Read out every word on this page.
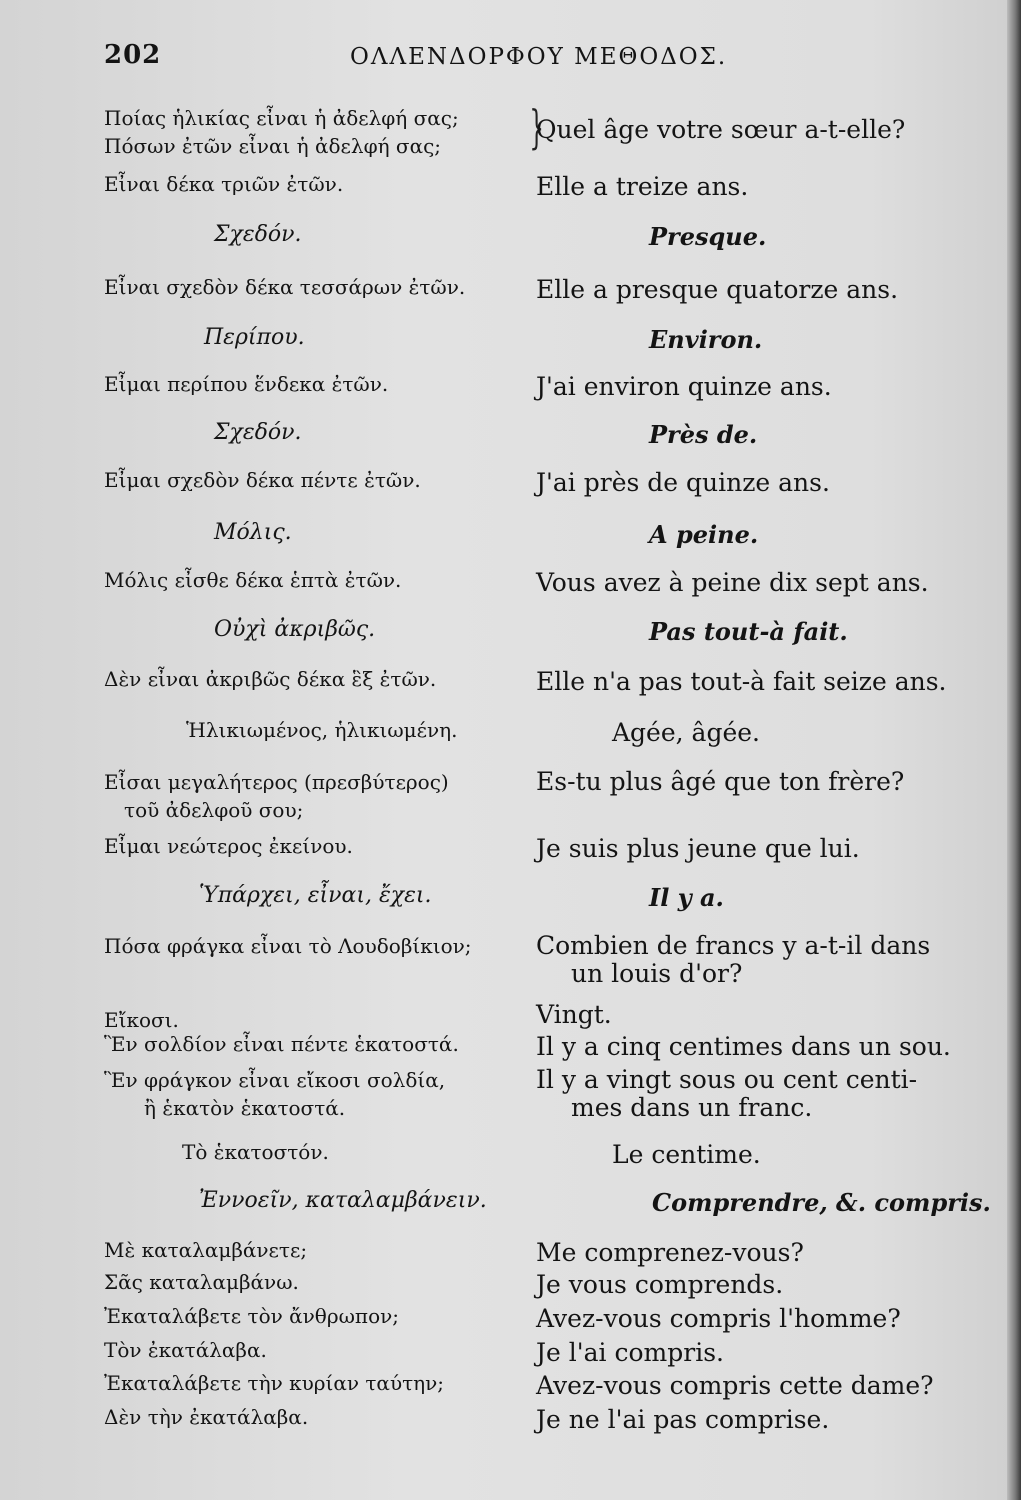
202	ΟΛΛΕΝΔΟΡΦΟΥ ΜΕΘΟΔΟΣ.
Ποίας ἡλικίας εἶναι ἡ ἀδελφή σας;
Πόσων ἐτῶν εἶναι ἡ ἀδελφή σας;	}
Quel âge votre sœur a-t-elle?
Εἶναι δέκα τριῶν ἐτῶν.	Elle a treize ans.
Σχεδόν.	Presque.
Εἶναι σχεδὸν δέκα τεσσάρων ἐτῶν.	Elle a presque quatorze ans.
Περίπου.	Environ.
Εἶμαι περίπου ἕνδεκα ἐτῶν.	J'ai environ quinze ans.
Σχεδόν.	Près de.
Εἶμαι σχεδὸν δέκα πέντε ἐτῶν.	J'ai près de quinze ans.
Μόλις.	A peine.
Μόλις εἶσθε δέκα ἑπτὰ ἐτῶν.	Vous avez à peine dix sept ans.
Οὐχὶ ἀκριβῶς.	Pas tout-à fait.
Δὲν εἶναι ἀκριβῶς δέκα ἓξ ἐτῶν.	Elle n'a pas tout-à fait seize ans.
Ἡλικιωμένος, ἡλικιωμένη.	Agée, âgée.
Εἶσαι μεγαλήτερος (πρεσβύτερος)
τοῦ ἀδελφοῦ σου;
Es-tu plus âgé que ton frère?
Εἶμαι νεώτερος ἐκείνου.	Je suis plus jeune que lui.
Ὑπάρχει, εἶναι, ἔχει.	Il y a.
Πόσα φράγκα εἶναι τὸ Λουδοβίκιον;	Combien de francs y a-t-il dans
un louis d'or?
Εἴκοσι.	Vingt.
Ἓν σολδίον εἶναι πέντε ἑκατοστά.	Il y a cinq centimes dans un sou.
Ἓν φράγκον εἶναι εἴκοσι σολδία,
ἢ ἑκατὸν ἑκατοστά.
Il y a vingt sous ou cent centi-
mes dans un franc.
Τὸ ἑκατοστόν.	Le centime.
Ἐννοεῖν, καταλαμβάνειν.	Comprendre, &. compris.
Μὲ καταλαμβάνετε;	Me comprenez-vous?
Σᾶς καταλαμβάνω.	Je vous comprends.
Ἐκαταλάβετε τὸν ἄνθρωπον;	Avez-vous compris l'homme?
Τὸν ἐκατάλαβα.	Je l'ai compris.
Ἐκαταλάβετε τὴν κυρίαν ταύτην;	Avez-vous compris cette dame?
Δὲν τὴν ἐκατάλαβα.	Je ne l'ai pas comprise.
